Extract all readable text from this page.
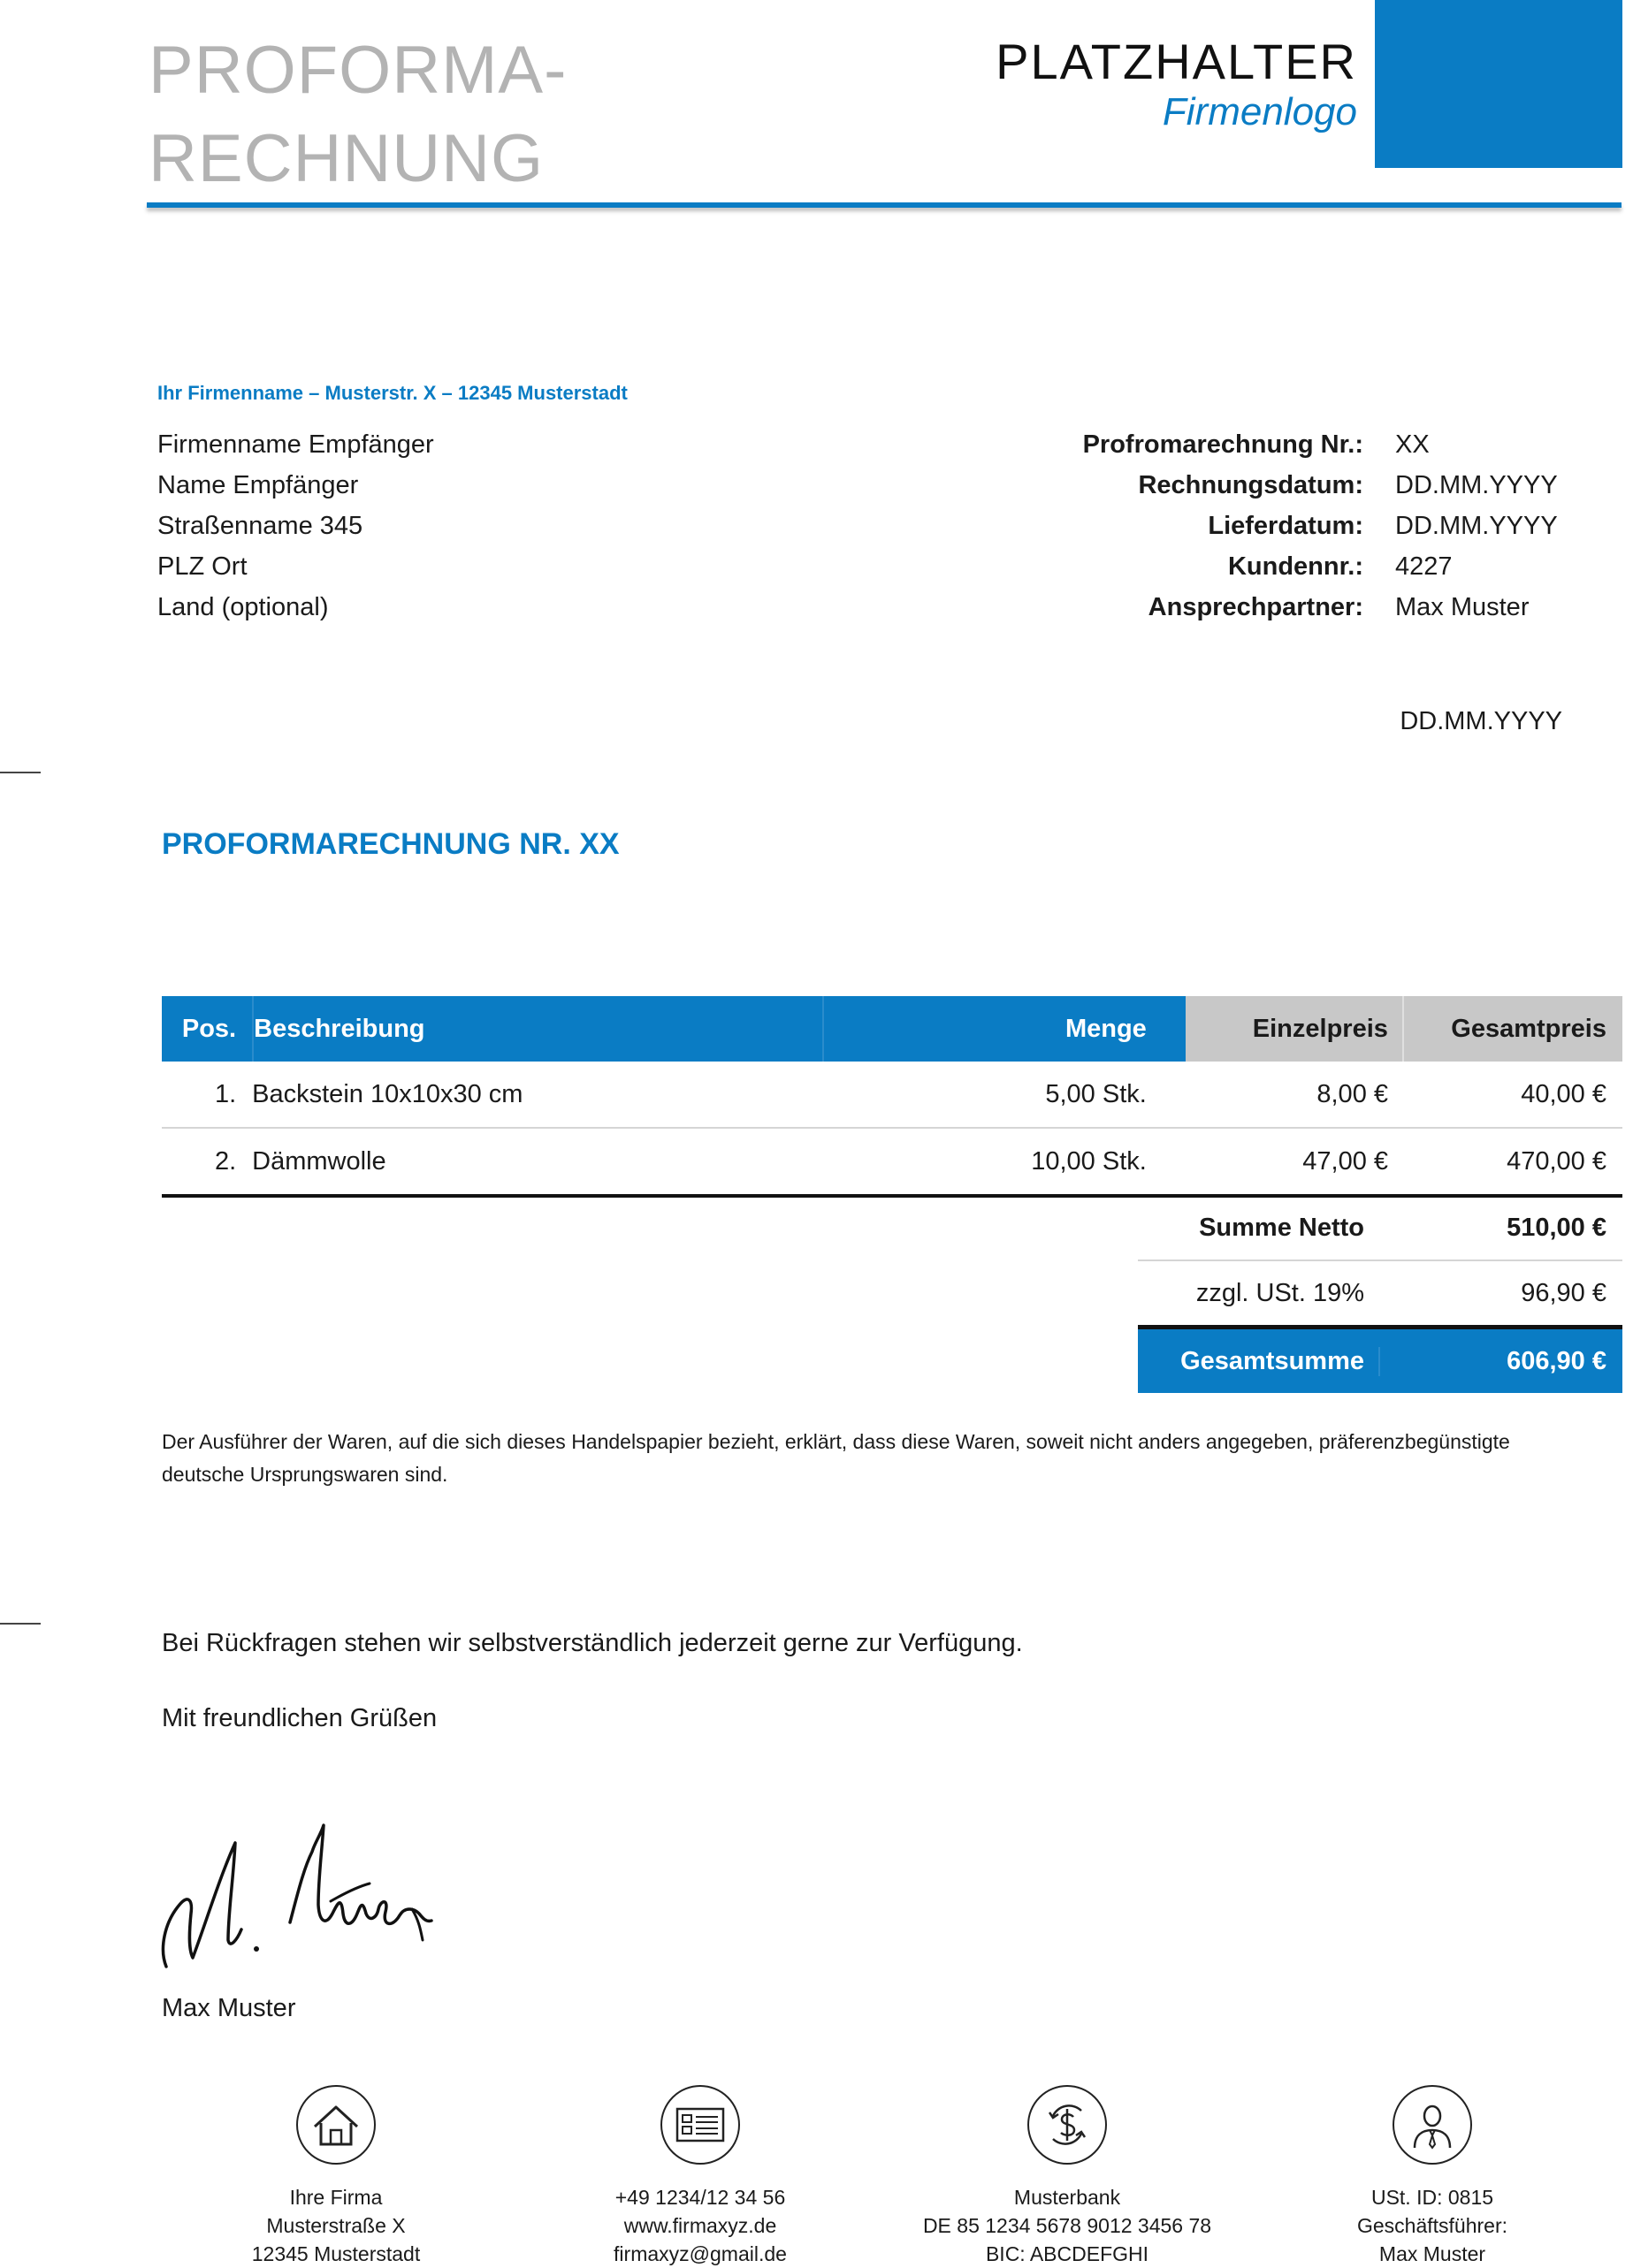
PROFORMA-
RECHNUNG
PLATZHALTER
Firmenlogo
Ihr Firmenname – Musterstr. X – 12345 Musterstadt
Firmenname Empfänger
Name Empfänger
Straßenname 345
PLZ Ort
Land (optional)
Profromarechnung Nr.: XX
Rechnungsdatum: DD.MM.YYYY
Lieferdatum: DD.MM.YYYY
Kundennr.: 4227
Ansprechpartner: Max Muster
DD.MM.YYYY
PROFORMARECHNUNG NR. XX
Pos. Beschreibung	Menge	Einzelpreis	Gesamtpreis
1. Backstein 10x10x30 cm	5,00 Stk.	8,00 €	40,00 €
2. Dämmwolle	10,00 Stk.	47,00 €	470,00 €
Summe Netto	510,00 €
zzgl. USt. 19%	96,90 €
Gesamtsumme	606,90 €
Der Ausführer der Waren, auf die sich dieses Handelspapier bezieht, erklärt, dass diese Waren, soweit nicht anders angegeben, präferenzbegünstigte deutsche Ursprungswaren sind.
Bei Rückfragen stehen wir selbstverständlich jederzeit gerne zur Verfügung.
Mit freundlichen Grüßen
Max Muster
Ihre Firma
Musterstraße X
12345 Musterstadt
+49 1234/12 34 56
www.firmaxyz.de
firmaxyz@gmail.de
Musterbank
DE 85 1234 5678 9012 3456 78
BIC: ABCDEFGHI
USt. ID: 0815
Geschäftsführer:
Max Muster
